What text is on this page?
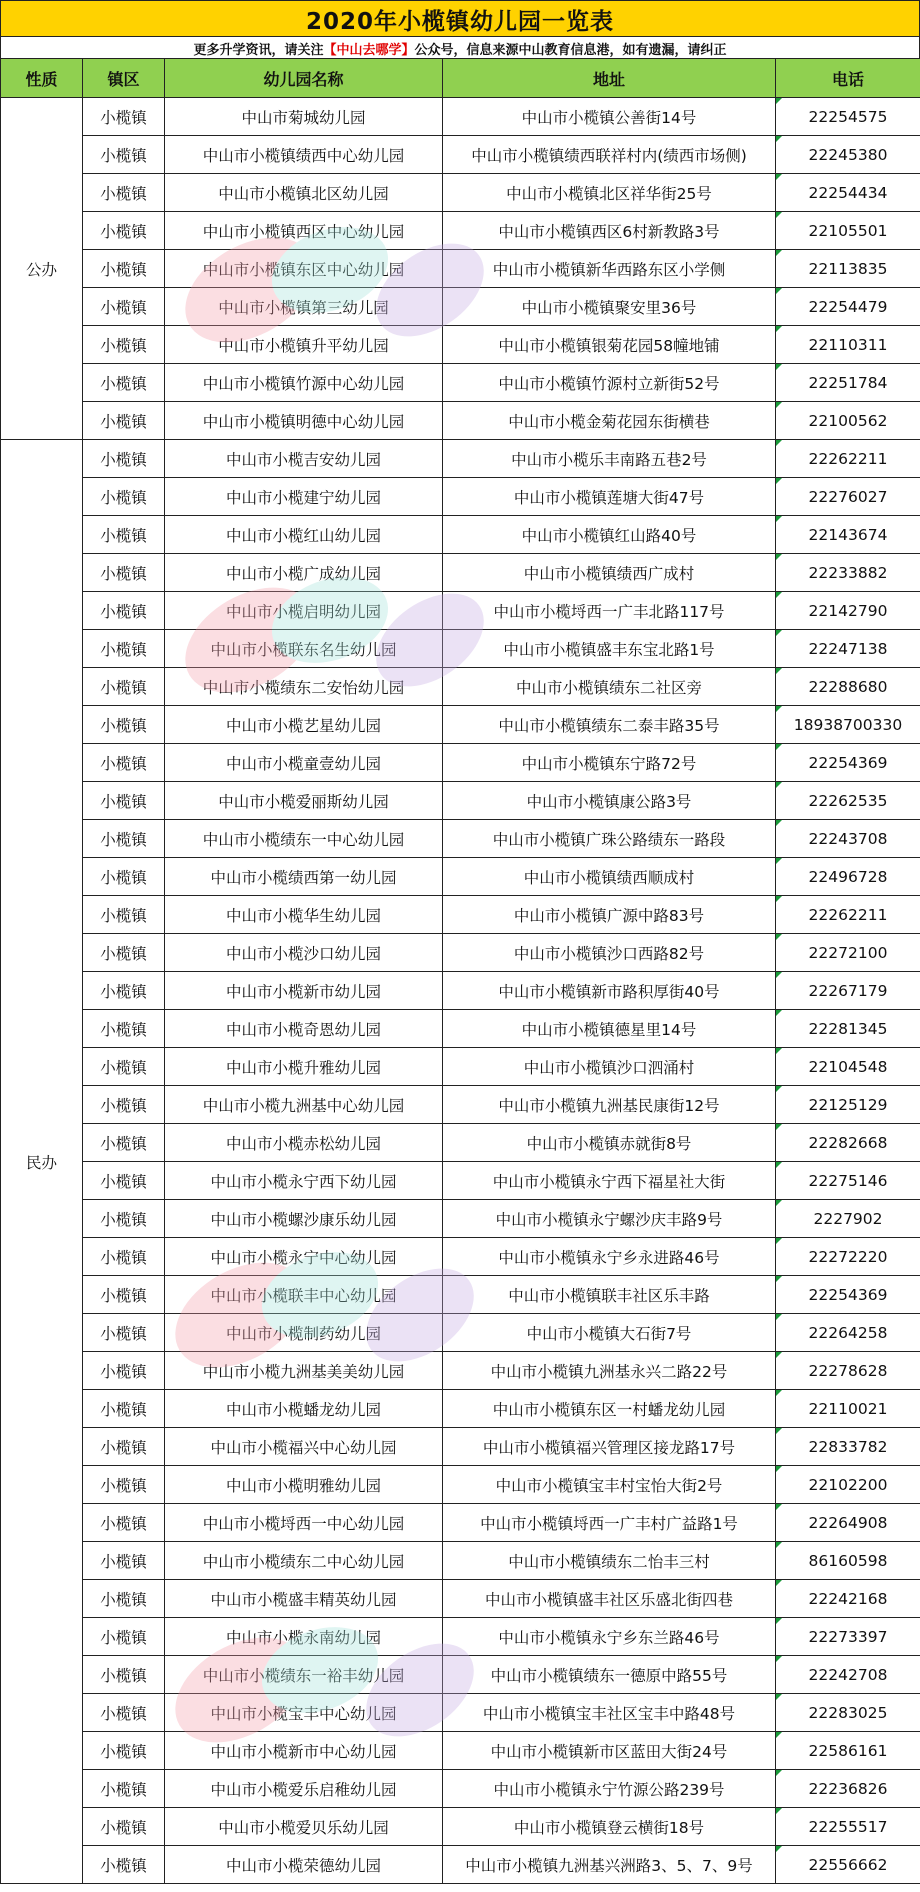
2020年小榄镇幼儿园一览表
更多升学资讯，请关注 【中山去哪学】 公众号，信息来源中山教育信息港，如有遗漏，请纠正
性质	镇区	幼儿园名称	地址	电话
公办	小榄镇	中山市菊城幼儿园	中山市小榄镇公善街14号	22254575
	小榄镇	中山市小榄镇绩西中心幼儿园	中山市小榄镇绩西联祥村内(绩西市场侧)	22245380
	小榄镇	中山市小榄镇北区幼儿园	中山市小榄镇北区祥华街25号	22254434
	小榄镇	中山市小榄镇西区中心幼儿园	中山市小榄镇西区6村新教路3号	22105501
	小榄镇	中山市小榄镇东区中心幼儿园	中山市小榄镇新华西路东区小学侧	22113835
	小榄镇	中山市小榄镇第三幼儿园	中山市小榄镇聚安里36号	22254479
	小榄镇	中山市小榄镇升平幼儿园	中山市小榄镇银菊花园58幢地铺	22110311
	小榄镇	中山市小榄镇竹源中心幼儿园	中山市小榄镇竹源村立新街52号	22251784
	小榄镇	中山市小榄镇明德中心幼儿园	中山市小榄金菊花园东街横巷	22100562
民办	小榄镇	中山市小榄吉安幼儿园	中山市小榄乐丰南路五巷2号	22262211
	小榄镇	中山市小榄建宁幼儿园	中山市小榄镇莲塘大街47号	22276027
	小榄镇	中山市小榄红山幼儿园	中山市小榄镇红山路40号	22143674
	小榄镇	中山市小榄广成幼儿园	中山市小榄镇绩西广成村	22233882
	小榄镇	中山市小榄启明幼儿园	中山市小榄埒西一广丰北路117号	22142790
	小榄镇	中山市小榄联东名生幼儿园	中山市小榄镇盛丰东宝北路1号	22247138
	小榄镇	中山市小榄绩东二安怡幼儿园	中山市小榄镇绩东二社区旁	22288680
	小榄镇	中山市小榄艺星幼儿园	中山市小榄镇绩东二泰丰路35号	18938700330
	小榄镇	中山市小榄童壹幼儿园	中山市小榄镇东宁路72号	22254369
	小榄镇	中山市小榄爱丽斯幼儿园	中山市小榄镇康公路3号	22262535
	小榄镇	中山市小榄绩东一中心幼儿园	中山市小榄镇广珠公路绩东一路段	22243708
	小榄镇	中山市小榄绩西第一幼儿园	中山市小榄镇绩西顺成村	22496728
	小榄镇	中山市小榄华生幼儿园	中山市小榄镇广源中路83号	22262211
	小榄镇	中山市小榄沙口幼儿园	中山市小榄镇沙口西路82号	22272100
	小榄镇	中山市小榄新市幼儿园	中山市小榄镇新市路积厚街40号	22267179
	小榄镇	中山市小榄奇恩幼儿园	中山市小榄镇德星里14号	22281345
	小榄镇	中山市小榄升雅幼儿园	中山市小榄镇沙口泗涌村	22104548
	小榄镇	中山市小榄九洲基中心幼儿园	中山市小榄镇九洲基民康街12号	22125129
	小榄镇	中山市小榄赤松幼儿园	中山市小榄镇赤就街8号	22282668
	小榄镇	中山市小榄永宁西下幼儿园	中山市小榄镇永宁西下福星社大街	22275146
	小榄镇	中山市小榄螺沙康乐幼儿园	中山市小榄镇永宁螺沙庆丰路9号	2227902
	小榄镇	中山市小榄永宁中心幼儿园	中山市小榄镇永宁乡永进路46号	22272220
	小榄镇	中山市小榄联丰中心幼儿园	中山市小榄镇联丰社区乐丰路	22254369
	小榄镇	中山市小榄制药幼儿园	中山市小榄镇大石街7号	22264258
	小榄镇	中山市小榄九洲基美美幼儿园	中山市小榄镇九洲基永兴二路22号	22278628
	小榄镇	中山市小榄蟠龙幼儿园	中山市小榄镇东区一村蟠龙幼儿园	22110021
	小榄镇	中山市小榄福兴中心幼儿园	中山市小榄镇福兴管理区接龙路17号	22833782
	小榄镇	中山市小榄明雅幼儿园	中山市小榄镇宝丰村宝怡大街2号	22102200
	小榄镇	中山市小榄埒西一中心幼儿园	中山市小榄镇埒西一广丰村广益路1号	22264908
	小榄镇	中山市小榄绩东二中心幼儿园	中山市小榄镇绩东二怡丰三村	86160598
	小榄镇	中山市小榄盛丰精英幼儿园	中山市小榄镇盛丰社区乐盛北街四巷	22242168
	小榄镇	中山市小榄永南幼儿园	中山市小榄镇永宁乡东兰路46号	22273397
	小榄镇	中山市小榄绩东一裕丰幼儿园	中山市小榄镇绩东一德原中路55号	22242708
	小榄镇	中山市小榄宝丰中心幼儿园	中山市小榄镇宝丰社区宝丰中路48号	22283025
	小榄镇	中山市小榄新市中心幼儿园	中山市小榄镇新市区蓝田大街24号	22586161
	小榄镇	中山市小榄爱乐启稚幼儿园	中山市小榄镇永宁竹源公路239号	22236826
	小榄镇	中山市小榄爱贝乐幼儿园	中山市小榄镇登云横街18号	22255517
	小榄镇	中山市小榄荣德幼儿园	中山市小榄镇九洲基兴洲路3、5、7、9号	22556662
